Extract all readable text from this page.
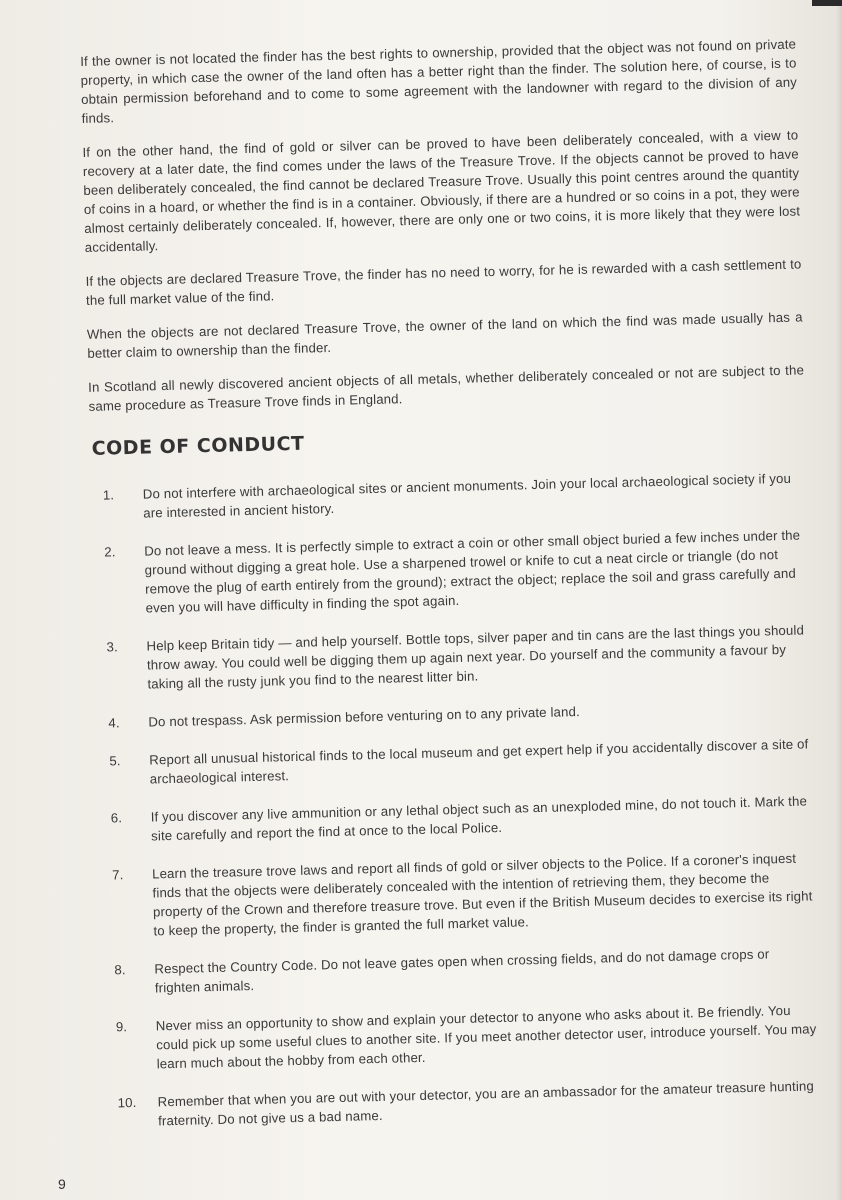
If the owner is not located the finder has the best rights to ownership, provided that the object was not found on private property, in which case the owner of the land often has a better right than the finder. The solution here, of course, is to obtain permission beforehand and to come to some agreement with the landowner with regard to the division of any finds.

If on the other hand, the find of gold or silver can be proved to have been deliberately concealed, with a view to recovery at a later date, the find comes under the laws of the Treasure Trove. If the objects cannot be proved to have been deliberately concealed, the find cannot be declared Treasure Trove. Usually this point centres around the quantity of coins in a hoard, or whether the find is in a container. Obviously, if there are a hundred or so coins in a pot, they were almost certainly deliberately concealed. If, however, there are only one or two coins, it is more likely that they were lost accidentally.

If the objects are declared Treasure Trove, the finder has no need to worry, for he is rewarded with a cash settlement to the full market value of the find.

When the objects are not declared Treasure Trove, the owner of the land on which the find was made usually has a better claim to ownership than the finder.

In Scotland all newly discovered ancient objects of all metals, whether deliberately concealed or not are subject to the same procedure as Treasure Trove finds in England.

CODE OF CONDUCT
1.	Do not interfere with archaeological sites or ancient monuments. Join your local archaeological society if you are interested in ancient history.
2.	Do not leave a mess. It is perfectly simple to extract a coin or other small object buried a few inches under the ground without digging a great hole. Use a sharpened trowel or knife to cut a neat circle or triangle (do not remove the plug of earth entirely from the ground); extract the object; replace the soil and grass carefully and even you will have difficulty in finding the spot again.
3.	Help keep Britain tidy — and help yourself. Bottle tops, silver paper and tin cans are the last things you should throw away. You could well be digging them up again next year. Do yourself and the community a favour by taking all the rusty junk you find to the nearest litter bin.
4.	Do not trespass. Ask permission before venturing on to any private land.
5.	Report all unusual historical finds to the local museum and get expert help if you accidentally discover a site of archaeological interest.
6.	If you discover any live ammunition or any lethal object such as an unexploded mine, do not touch it. Mark the site carefully and report the find at once to the local Police.
7.	Learn the treasure trove laws and report all finds of gold or silver objects to the Police. If a coroner's inquest finds that the objects were deliberately concealed with the intention of retrieving them, they become the property of the Crown and therefore treasure trove. But even if the British Museum decides to exercise its right to keep the property, the finder is granted the full market value.
8.	Respect the Country Code. Do not leave gates open when crossing fields, and do not damage crops or frighten animals.
9.	Never miss an opportunity to show and explain your detector to anyone who asks about it. Be friendly. You could pick up some useful clues to another site. If you meet another detector user, introduce yourself. You may learn much about the hobby from each other.
10.	Remember that when you are out with your detector, you are an ambassador for the amateur treasure hunting fraternity. Do not give us a bad name.
9
